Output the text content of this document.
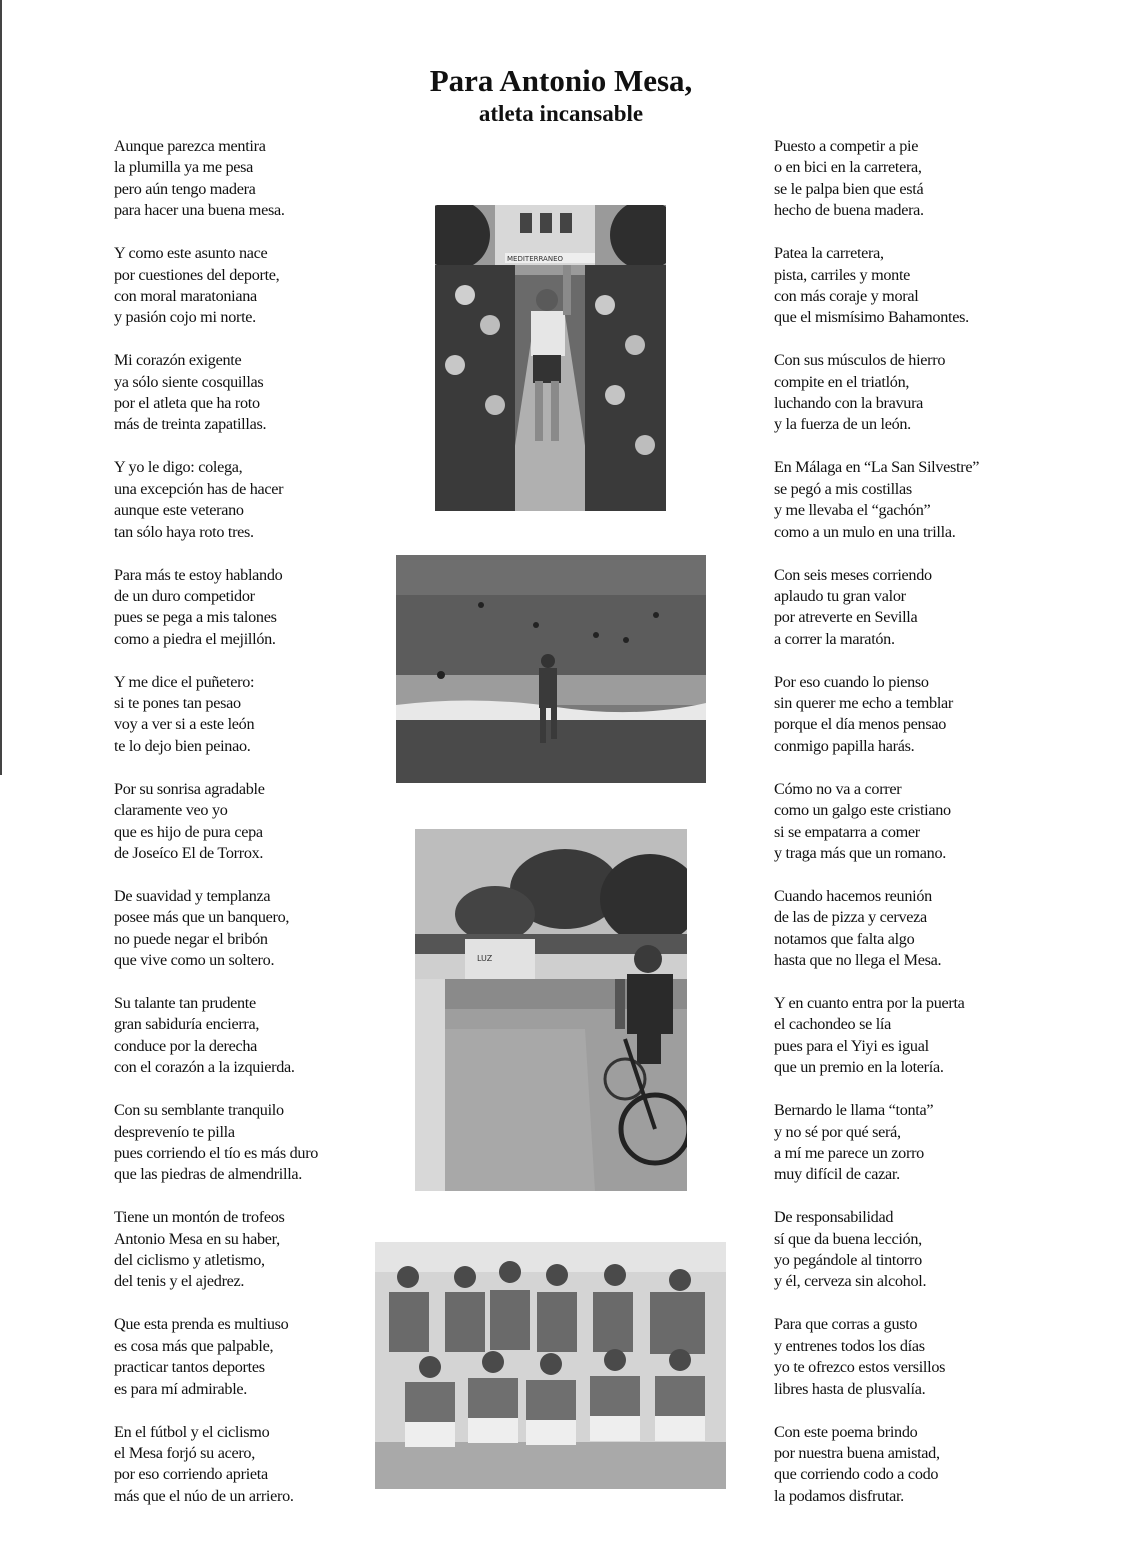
Para Antonio Mesa,
atleta incansable

Aunque parezca mentira
la plumilla ya me pesa
pero aún tengo madera
para hacer una buena mesa.

Y como este asunto nace
por cuestiones del deporte,
con moral maratoniana
y pasión cojo mi norte.

Mi corazón exigente
ya sólo siente cosquillas
por el atleta que ha roto
más de treinta zapatillas.

Y yo le digo: colega,
una excepción has de hacer
aunque este veterano
tan sólo haya roto tres.

Para más te estoy hablando
de un duro competidor
pues se pega a mis talones
como a piedra el mejillón.

Y me dice el puñetero:
si te pones tan pesao
voy a ver si a este león
te lo dejo bien peinao.

Por su sonrisa agradable
claramente veo yo
que es hijo de pura cepa
de Joseíco El de Torrox.

De suavidad y templanza
posee más que un banquero,
no puede negar el bribón
que vive como un soltero.

Su talante tan prudente
gran sabiduría encierra,
conduce por la derecha
con el corazón a la izquierda.

Con su semblante tranquilo
desprevenío te pilla
pues corriendo el tío es más duro
que las piedras de almendrilla.

Tiene un montón de trofeos
Antonio Mesa en su haber,
del ciclismo y atletismo,
del tenis y el ajedrez.

Que esta prenda es multiuso
es cosa más que palpable,
practicar tantos deportes
es para mí admirable.

En el fútbol y el ciclismo
el Mesa forjó su acero,
por eso corriendo aprieta
más que el núo de un arriero.

Puesto a competir a pie
o en bici en la carretera,
se le palpa bien que está
hecho de buena madera.

Patea la carretera,
pista, carriles y monte
con más coraje y moral
que el mismísimo Bahamontes.

Con sus músculos de hierro
compite en el triatlón,
luchando con la bravura
y la fuerza de un león.

En Málaga en “La San Silvestre”
se pegó a mis costillas
y me llevaba el “gachón”
como a un mulo en una trilla.

Con seis meses corriendo
aplaudo tu gran valor
por atreverte en Sevilla
a correr la maratón.

Por eso cuando lo pienso
sin querer me echo a temblar
porque el día menos pensao
conmigo papilla harás.

Cómo no va a correr
como un galgo este cristiano
si se empatarra a comer
y traga más que un romano.

Cuando hacemos reunión
de las de pizza y cerveza
notamos que falta algo
hasta que no llega el Mesa.

Y en cuanto entra por la puerta
el cachondeo se lía
pues para el Yiyi es igual
que un premio en la lotería.

Bernardo le llama “tonta”
y no sé por qué será,
a mí me parece un zorro
muy difícil de cazar.

De responsabilidad
sí que da buena lección,
yo pegándole al tintorro
y él, cerveza sin alcohol.

Para que corras a gusto
y entrenes todos los días
yo te ofrezco estos versillos
libres hasta de plusvalía.

Con este poema brindo
por nuestra buena amistad,
que corriendo codo a codo
la podamos disfrutar.

MEDITERRANEO
LUZ
